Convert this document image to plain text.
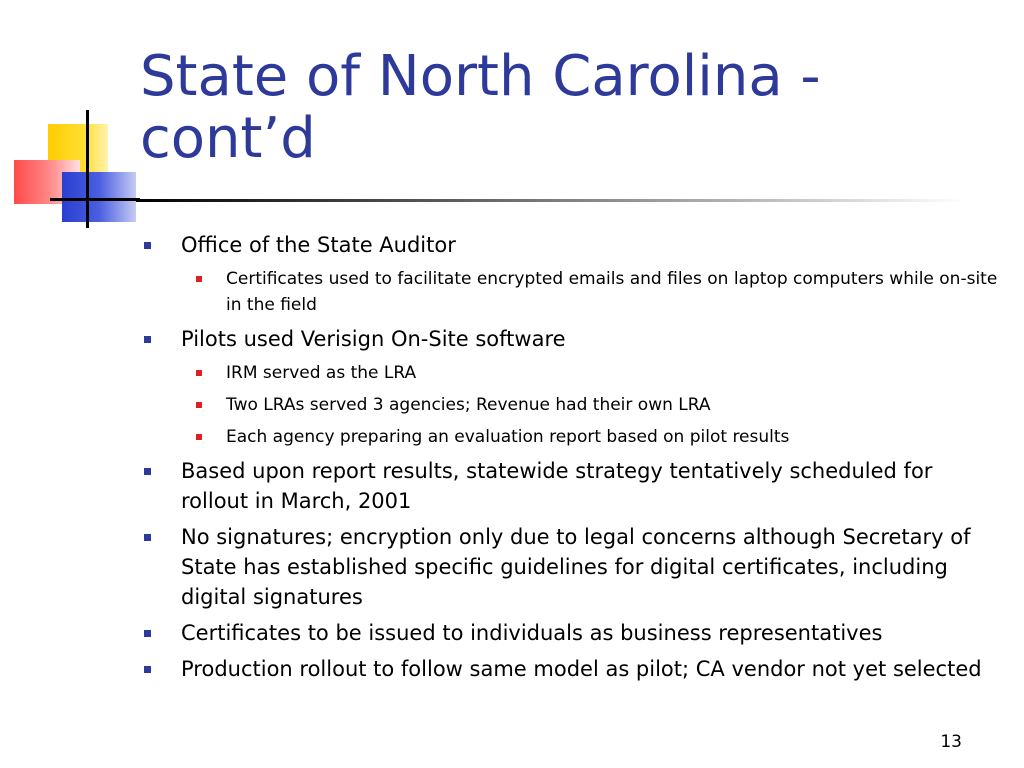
State of North Carolina - cont’d
Office of the State Auditor
Certificates used to facilitate encrypted emails and files on laptop computers while on-site in the field
Pilots used Verisign On-Site software
IRM served as the LRA
Two LRAs served 3 agencies; Revenue had their own LRA
Each agency preparing an evaluation report based on pilot results
Based upon report results, statewide strategy tentatively scheduled for rollout in March, 2001
No signatures; encryption only due to legal concerns although Secretary of State has established specific guidelines for digital certificates, including digital signatures
Certificates to be issued to individuals as business representatives
Production rollout to follow same model as pilot; CA vendor not yet selected
13
